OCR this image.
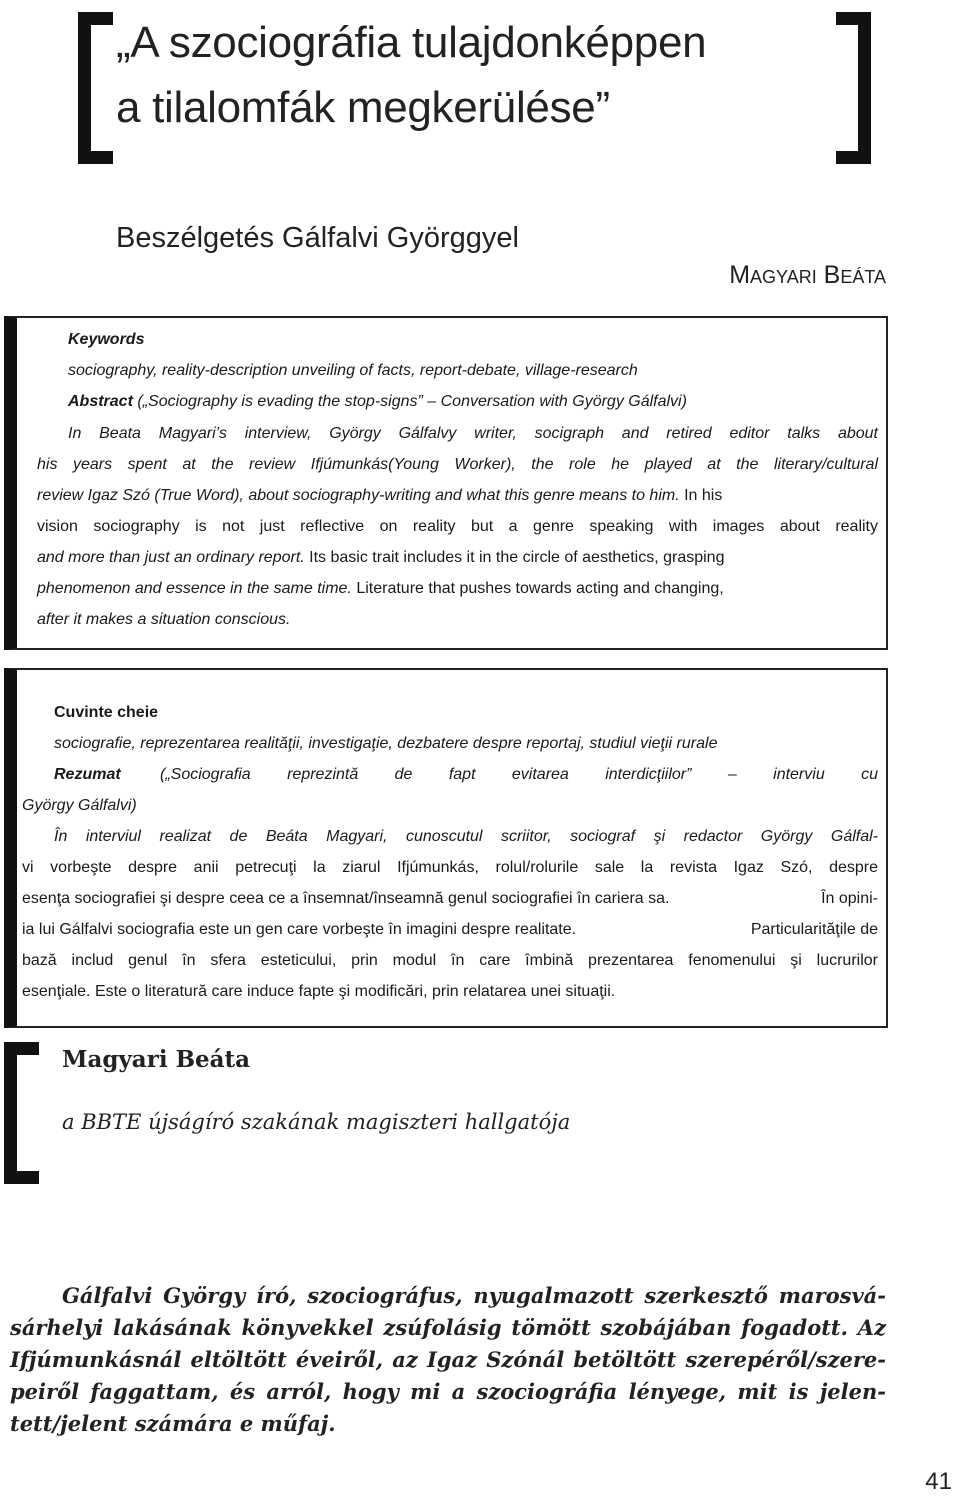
„A szociográfia tulajdonképpen
a tilalomfák megkerülése”
Beszélgetés Gálfalvi Györggyel
Magyari Beáta
Keywords
sociography, reality-description unveiling of facts, report-debate, village-research
Abstract („Sociography is evading the stop-signs” – Conversation with György Gálfalvi)
In Beata Magyari’s interview, György Gálfalvy writer, socigraph and retired editor talks about
his years spent at the review Ifjúmunkás(Young Worker), the role he played at the literary/cultural
review Igaz Szó (True Word), about sociography-writing and what this genre means to him. In his
vision sociography is not just reflective on reality but a genre speaking with images about reality
and more than just an ordinary report. Its basic trait includes it in the circle of aesthetics, grasping
phenomenon and essence in the same time. Literature that pushes towards acting and changing,
after it makes a situation conscious.
Cuvinte cheie
sociografie, reprezentarea realităţii, investigaţie, dezbatere despre reportaj, studiul vieţii rurale
Rezumat („Sociografia reprezintă de fapt evitarea interdicţiilor” – interviu cu
György Gálfalvi)
În interviul realizat de Beáta Magyari, cunoscutul scriitor, sociograf şi redactor György Gálfal-
vi vorbeşte despre anii petrecuţi la ziarul Ifjúmunkás, rolul/rolurile sale la revista Igaz Szó, despre
esenţa sociografiei şi despre ceea ce a însemnat/înseamnă genul sociografiei în cariera sa.	În opini-
ia lui Gálfalvi sociografia este un gen care vorbeşte în imagini despre realitate.	Particularităţile de
bază includ genul în sfera esteticului, prin modul în care îmbină prezentarea fenomenului şi lucrurilor
esenţiale. Este o literatură care induce fapte şi modificări, prin relatarea unei situaţii.
Magyari Beáta
a BBTE újságíró szakának magiszteri hallgatója
Gálfalvi György író, szociográfus, nyugalmazott szerkesztő marosvá-
sárhelyi lakásának könyvekkel zsúfolásig tömött szobájában fogadott. Az
Ifjúmunkásnál eltöltött éveiről, az Igaz Szónál betöltött szerepéről/szere-
peiről faggattam, és arról, hogy mi a szociográfia lényege, mit is jelen-
tett/jelent számára e műfaj.
41
